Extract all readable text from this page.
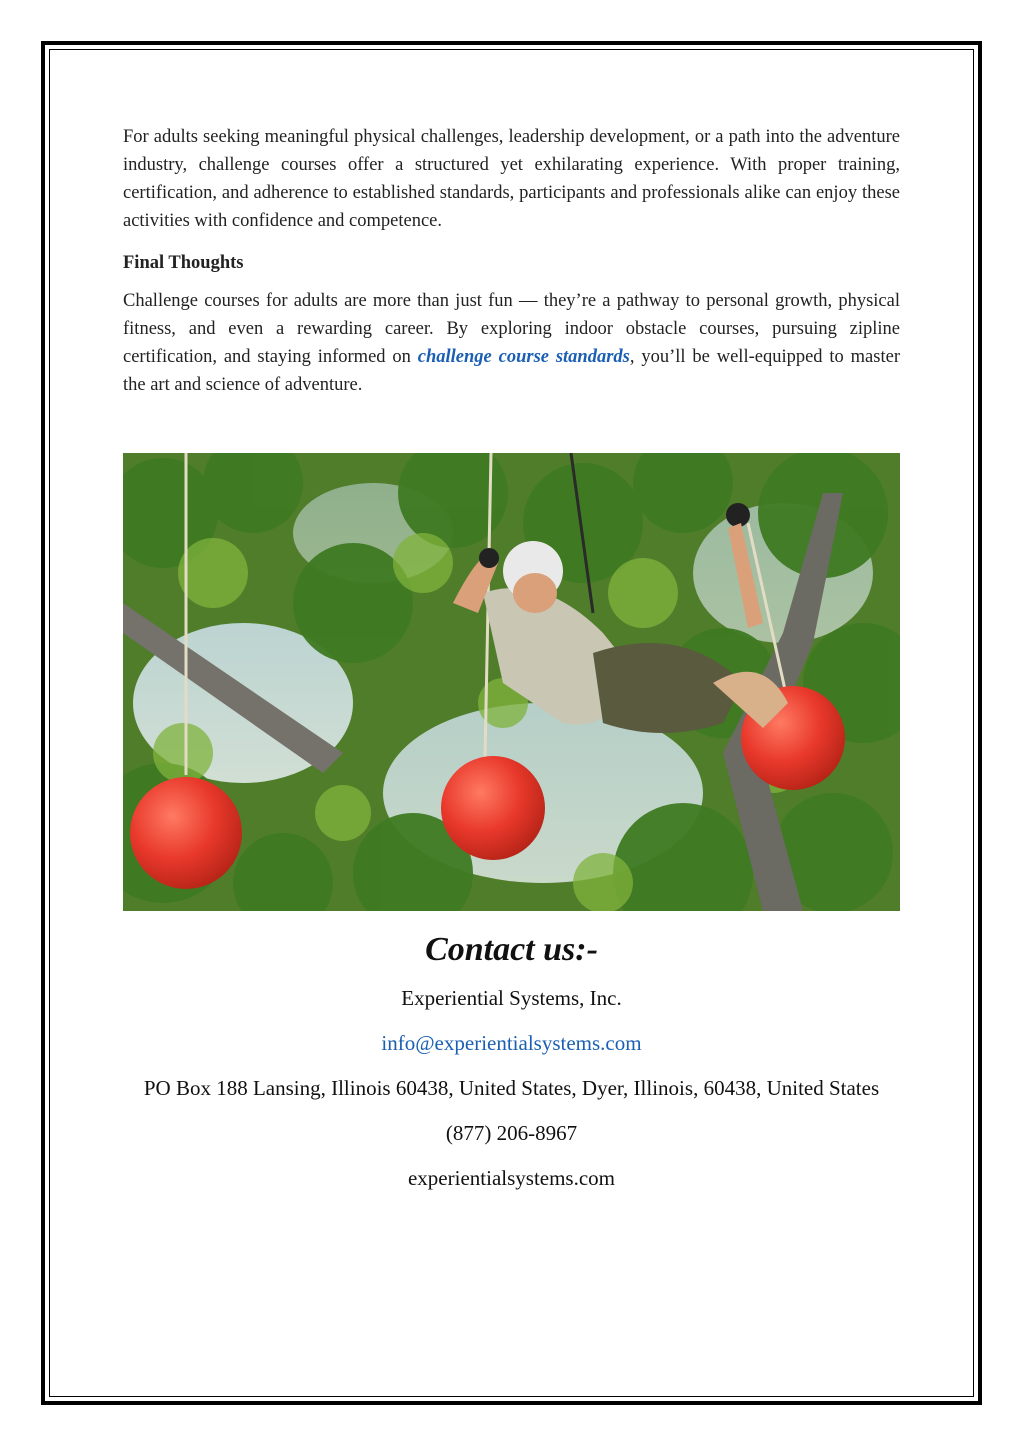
For adults seeking meaningful physical challenges, leadership development, or a path into the adventure industry, challenge courses offer a structured yet exhilarating experience. With proper training, certification, and adherence to established standards, participants and professionals alike can enjoy these activities with confidence and competence.

Final Thoughts

Challenge courses for adults are more than just fun — they’re a pathway to personal growth, physical fitness, and even a rewarding career. By exploring indoor obstacle courses, pursuing zipline certification, and staying informed on challenge course standards, you’ll be well-equipped to master the art and science of adventure.

Contact us:-
Experiential Systems, Inc.
info@experientialsystems.com
PO Box 188 Lansing, Illinois 60438, United States, Dyer, Illinois, 60438, United States
(877) 206-8967
experientialsystems.com
